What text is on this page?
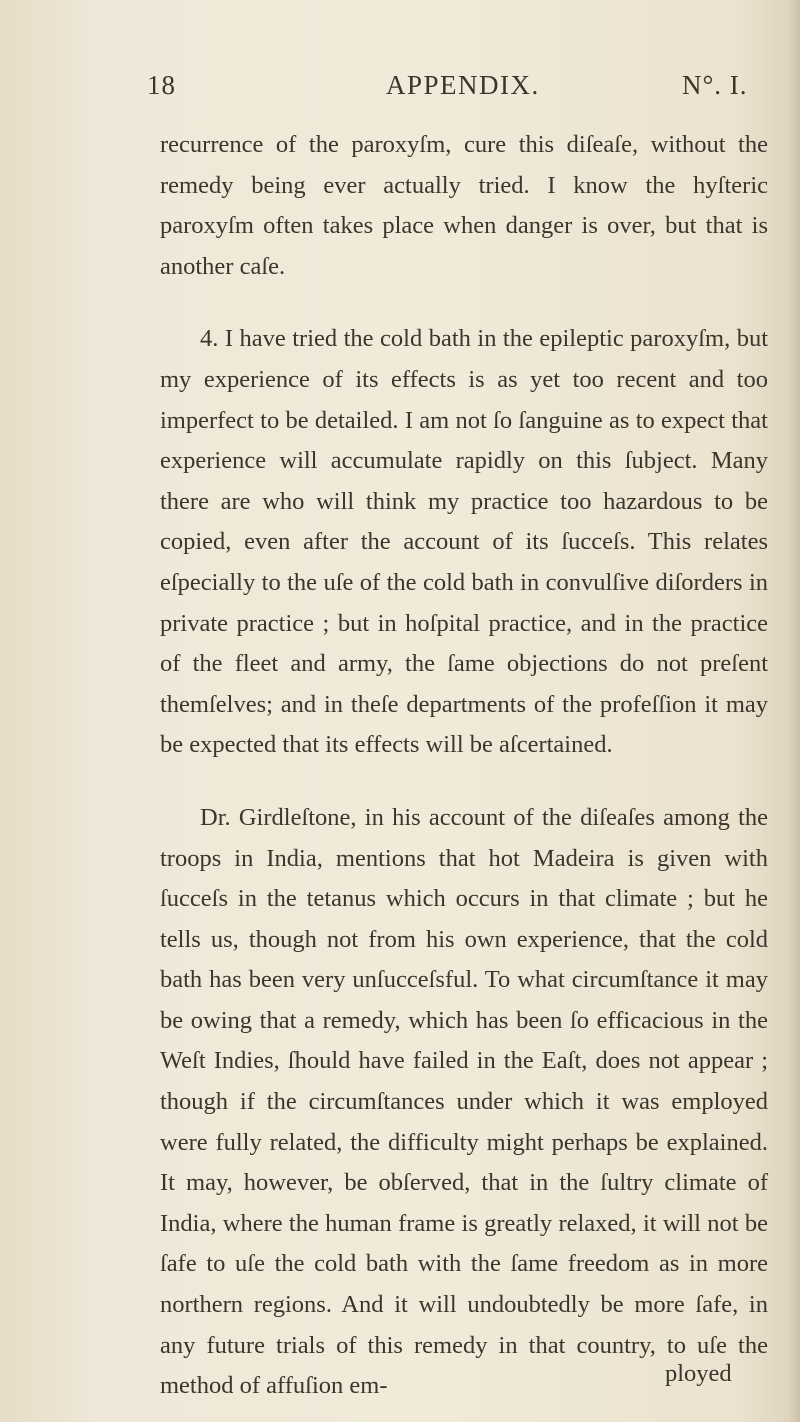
18	APPENDIX.	N°. I.

recurrence of the paroxyſm, cure this diſeaſe, without the remedy being ever actually tried. I know the hyſteric paroxyſm often takes place when danger is over, but that is another caſe.

4. I have tried the cold bath in the epileptic paroxyſm, but my experience of its effects is as yet too recent and too imperfect to be detailed. I am not ſo ſanguine as to expect that experience will accumulate rapidly on this ſubject. Many there are who will think my practice too hazardous to be copied, even after the account of its ſucceſs. This relates eſpecially to the uſe of the cold bath in convulſive diſorders in private practice ; but in hoſpital practice, and in the practice of the fleet and army, the ſame objections do not preſent themſelves; and in theſe departments of the profeſſion it may be expected that its effects will be aſcertained.

Dr. Girdleſtone, in his account of the diſeaſes among the troops in India, mentions that hot Madeira is given with ſucceſs in the tetanus which occurs in that climate ; but he tells us, though not from his own experience, that the cold bath has been very unſucceſsful. To what circumſtance it may be owing that a remedy, which has been ſo efficacious in the Weſt Indies, ſhould have failed in the Eaſt, does not appear ; though if the circumſtances under which it was employed were fully related, the difficulty might perhaps be explained. It may, however, be obſerved, that in the ſultry climate of India, where the human frame is greatly relaxed, it will not be ſafe to uſe the cold bath with the ſame freedom as in more northern regions. And it will undoubtedly be more ſafe, in any future trials of this remedy in that country, to uſe the method of affuſion em-	ployed
